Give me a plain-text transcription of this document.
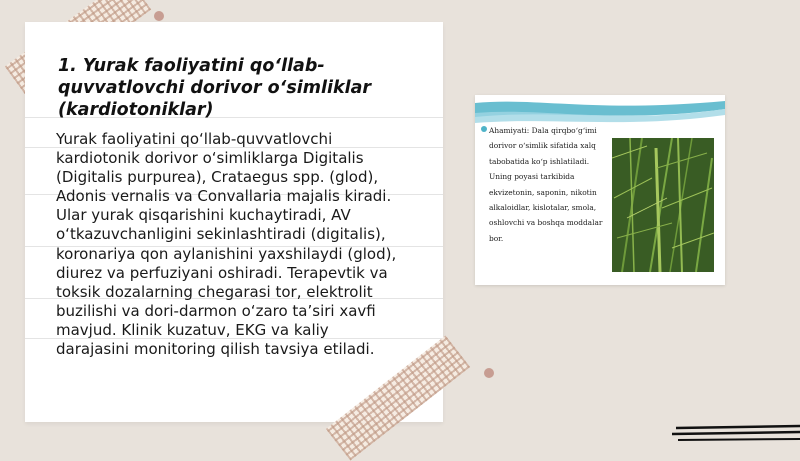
1. Yurak faoliyatini qo‘llab-quvvatlovchi dorivor o‘simliklar (kardiotoniklar)

Yurak faoliyatini qo‘llab-quvvatlovchi kardiotonik dorivor o‘simliklarga Digitalis (Digitalis purpurea), Crataegus spp. (glod), Adonis vernalis va Convallaria majalis kiradi. Ular yurak qisqarishini kuchaytiradi, AV o‘tkazuvchanligini sekinlashtiradi (digitalis), koronariya qon aylanishini yaxshilaydi (glod), diurez va perfuziyani oshiradi. Terapevtik va toksik dozalarning chegarasi tor, elektrolit buzilishi va dori-darmon o‘zaro ta’siri xavfi mavjud. Klinik kuzatuv, EKG va kaliy darajasini monitoring qilish tavsiya etiladi.

Ahamiyati: Dala qirqbo‘g‘imi dorivor o‘simlik sifatida xalq tabobatida ko‘p ishlatiladi. Uning poyasi tarkibida ekvizetonin, saponin, nikotin alkaloidlar, kislotalar, smola, oshlovchi va boshqa moddalar bor.
